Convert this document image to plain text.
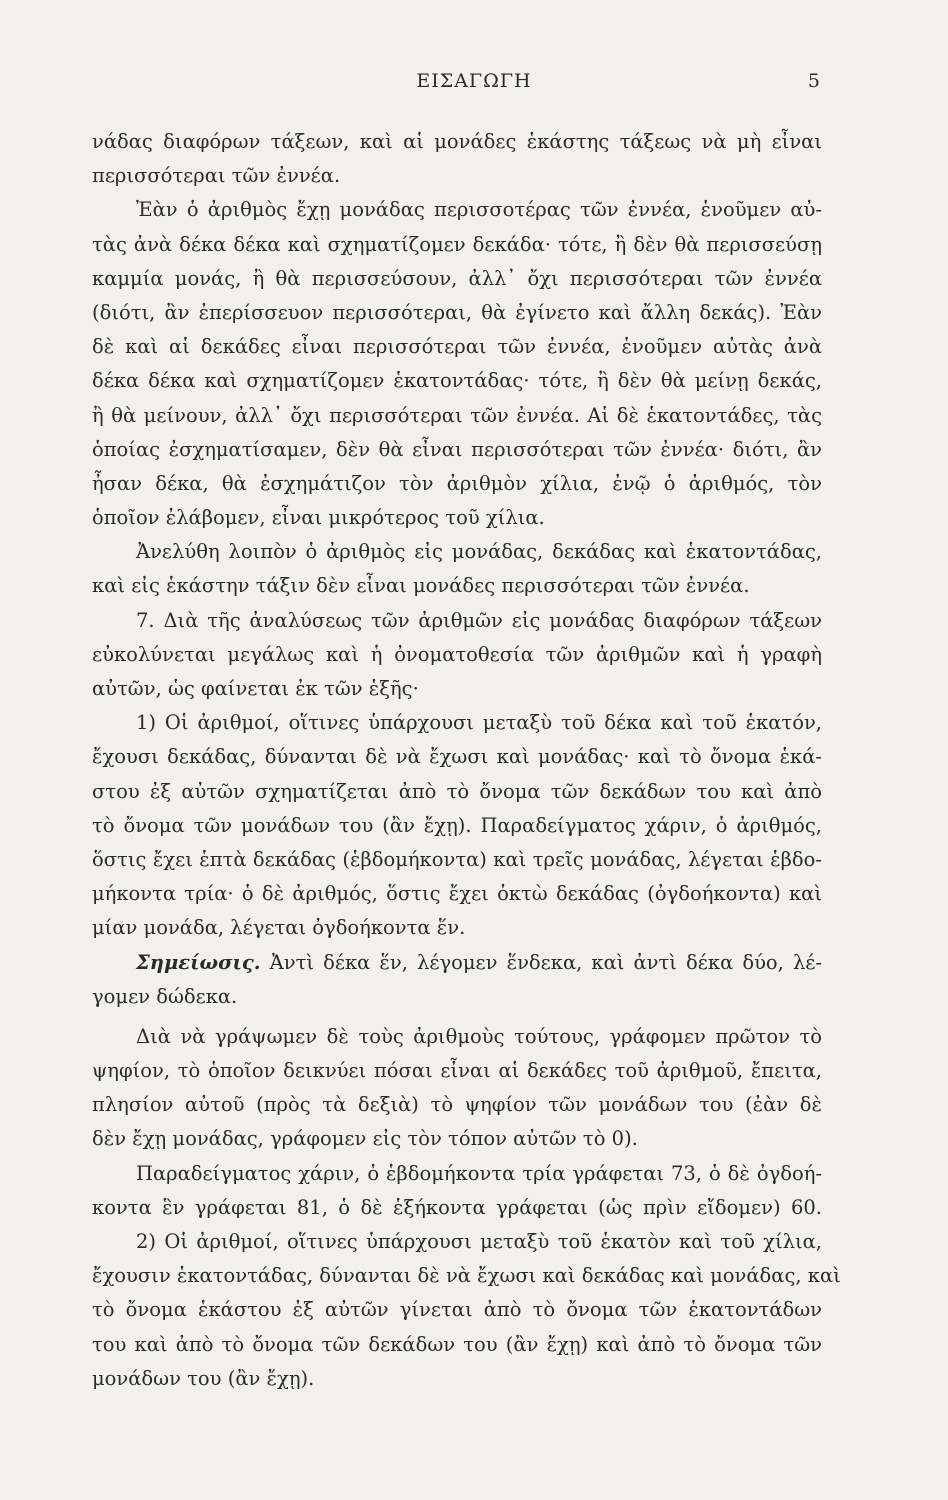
ΕΙΣΑΓΩΓΗ	5
νάδας διαφόρων τάξεων, καὶ αἱ μονάδες ἑκάστης τάξεως νὰ μὴ εἶναι
περισσότεραι τῶν ἐννέα.
Ἐὰν ὁ ἀριθμὸς ἔχῃ μονάδας περισσοτέρας τῶν ἐννέα, ἑνοῦμεν αὐ-
τὰς ἀνὰ δέκα δέκα καὶ σχηματίζομεν δεκάδα· τότε, ἢ δὲν θὰ περισσεύσῃ
καμμία μονάς, ἢ θὰ περισσεύσουν, ἀλλ᾽ ὄχι περισσότεραι τῶν ἐννέα
(διότι, ἂν ἐπερίσσευον περισσότεραι, θὰ ἐγίνετο καὶ ἄλλη δεκάς). Ἐὰν
δὲ καὶ αἱ δεκάδες εἶναι περισσότεραι τῶν ἐννέα, ἑνοῦμεν αὐτὰς ἀνὰ
δέκα δέκα καὶ σχηματίζομεν ἑκατοντάδας· τότε, ἢ δὲν θὰ μείνῃ δεκάς,
ἢ θὰ μείνουν, ἀλλ᾽ ὄχι περισσότεραι τῶν ἐννέα. Αἱ δὲ ἑκατοντάδες, τὰς
ὁποίας ἐσχηματίσαμεν, δὲν θὰ εἶναι περισσότεραι τῶν ἐννέα· διότι, ἂν
ἦσαν δέκα, θὰ ἐσχημάτιζον τὸν ἀριθμὸν χίλια, ἐνῷ ὁ ἀριθμός, τὸν
ὁποῖον ἐλάβομεν, εἶναι μικρότερος τοῦ χίλια.
Ἀνελύθη λοιπὸν ὁ ἀριθμὸς εἰς μονάδας, δεκάδας καὶ ἑκατοντάδας,
καὶ εἰς ἑκάστην τάξιν δὲν εἶναι μονάδες περισσότεραι τῶν ἐννέα.
7. Διὰ τῆς ἀναλύσεως τῶν ἀριθμῶν εἰς μονάδας διαφόρων τάξεων
εὐκολύνεται μεγάλως καὶ ἡ ὀνοματοθεσία τῶν ἀριθμῶν καὶ ἡ γραφὴ
αὐτῶν, ὡς φαίνεται ἐκ τῶν ἑξῆς·
1) Οἱ ἀριθμοί, οἵτινες ὑπάρχουσι μεταξὺ τοῦ δέκα καὶ τοῦ ἑκατόν,
ἔχουσι δεκάδας, δύνανται δὲ νὰ ἔχωσι καὶ μονάδας· καὶ τὸ ὄνομα ἑκά-
στου ἐξ αὐτῶν σχηματίζεται ἀπὸ τὸ ὄνομα τῶν δεκάδων του καὶ ἀπὸ
τὸ ὄνομα τῶν μονάδων του (ἂν ἔχῃ). Παραδείγματος χάριν, ὁ ἀριθμός,
ὅστις ἔχει ἑπτὰ δεκάδας (ἑβδομήκοντα) καὶ τρεῖς μονάδας, λέγεται ἑβδο-
μήκοντα τρία· ὁ δὲ ἀριθμός, ὅστις ἔχει ὀκτὼ δεκάδας (ὀγδοήκοντα) καὶ
μίαν μονάδα, λέγεται ὀγδοήκοντα ἕν.
Σημείωσις. Ἀντὶ δέκα ἕν, λέγομεν ἕνδεκα, καὶ ἀντὶ δέκα δύο, λέ-
γομεν δώδεκα.
Διὰ νὰ γράψωμεν δὲ τοὺς ἀριθμοὺς τούτους, γράφομεν πρῶτον τὸ
ψηφίον, τὸ ὁποῖον δεικνύει πόσαι εἶναι αἱ δεκάδες τοῦ ἀριθμοῦ, ἔπειτα,
πλησίον αὐτοῦ (πρὸς τὰ δεξιὰ) τὸ ψηφίον τῶν μονάδων του (ἐὰν δὲ
δὲν ἔχῃ μονάδας, γράφομεν εἰς τὸν τόπον αὐτῶν τὸ 0).
Παραδείγματος χάριν, ὁ ἑβδομήκοντα τρία γράφεται 73, ὁ δὲ ὀγδοή-
κοντα ἓν γράφεται 81, ὁ δὲ ἑξήκοντα γράφεται (ὡς πρὶν εἴδομεν) 60.
2) Οἱ ἀριθμοί, οἵτινες ὑπάρχουσι μεταξὺ τοῦ ἑκατὸν καὶ τοῦ χίλια,
ἔχουσιν ἑκατοντάδας, δύνανται δὲ νὰ ἔχωσι καὶ δεκάδας καὶ μονάδας, καὶ
τὸ ὄνομα ἑκάστου ἐξ αὐτῶν γίνεται ἀπὸ τὸ ὄνομα τῶν ἑκατοντάδων
του καὶ ἀπὸ τὸ ὄνομα τῶν δεκάδων του (ἂν ἔχῃ) καὶ ἀπὸ τὸ ὄνομα τῶν
μονάδων του (ἂν ἔχῃ).
